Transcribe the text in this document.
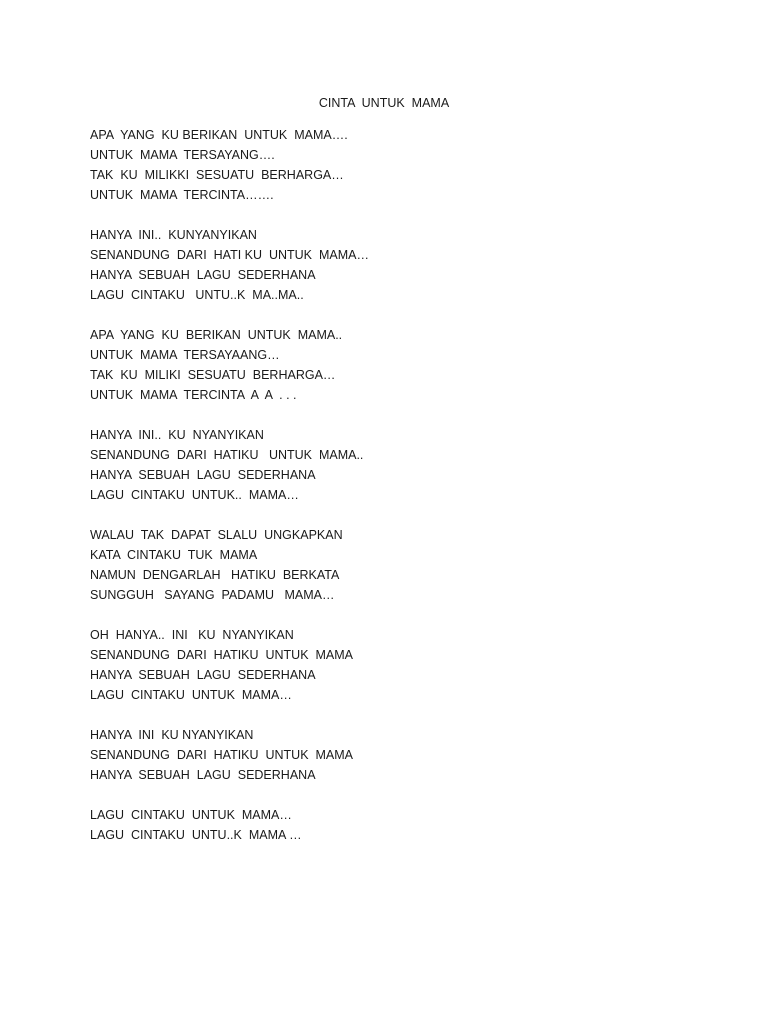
CINTA  UNTUK  MAMA
APA  YANG  KU BERIKAN  UNTUK  MAMA….
UNTUK  MAMA  TERSAYANG….
TAK  KU  MILIKKI  SESUATU  BERHARGA…
UNTUK  MAMA  TERCINTA…….
HANYA  INI..  KUNYANYIKAN
SENANDUNG  DARI  HATI KU  UNTUK  MAMA…
HANYA  SEBUAH  LAGU  SEDERHANA
LAGU  CINTAKU   UNTU..K  MA..MA..
APA  YANG  KU  BERIKAN  UNTUK  MAMA..
UNTUK  MAMA  TERSAYAANG…
TAK  KU  MILIKI  SESUATU  BERHARGA…
UNTUK  MAMA  TERCINTA  A  A  . . .
HANYA  INI..  KU  NYANYIKAN
SENANDUNG  DARI  HATIKU   UNTUK  MAMA..
HANYA  SEBUAH  LAGU  SEDERHANA
LAGU  CINTAKU  UNTUK..  MAMA…
WALAU  TAK  DAPAT  SLALU  UNGKAPKAN
KATA  CINTAKU  TUK  MAMA
NAMUN  DENGARLAH   HATIKU  BERKATA
SUNGGUH   SAYANG  PADAMU   MAMA…
OH  HANYA..  INI   KU  NYANYIKAN
SENANDUNG  DARI  HATIKU  UNTUK  MAMA
HANYA  SEBUAH  LAGU  SEDERHANA
LAGU  CINTAKU  UNTUK  MAMA…
HANYA  INI  KU NYANYIKAN
SENANDUNG  DARI  HATIKU  UNTUK  MAMA
HANYA  SEBUAH  LAGU  SEDERHANA
LAGU  CINTAKU  UNTUK  MAMA…
LAGU  CINTAKU  UNTU..K  MAMA …
